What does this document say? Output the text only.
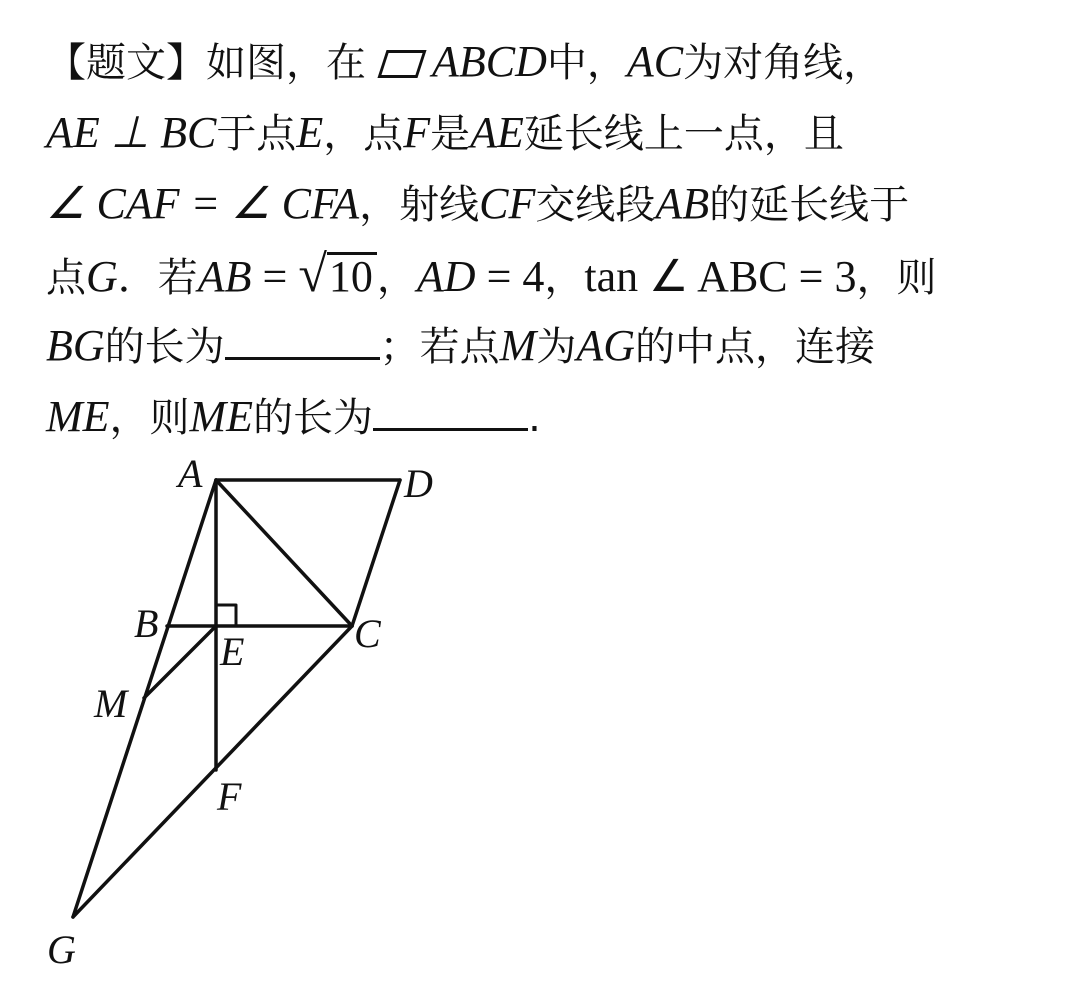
【题文】如图，在 ABCD中，AC为对角线，
AE ⊥ BC于点E，点F是AE延长线上一点，且
∠ CAF = ∠ CFA，射线CF交线段AB的延长线于
点G．若AB = √10 ，AD = 4，tan ∠ ABC = 3，则
BG的长为	；若点M为AG的中点，连接
ME，则ME的长为	.
A	D
B
E	C
M
F
G
